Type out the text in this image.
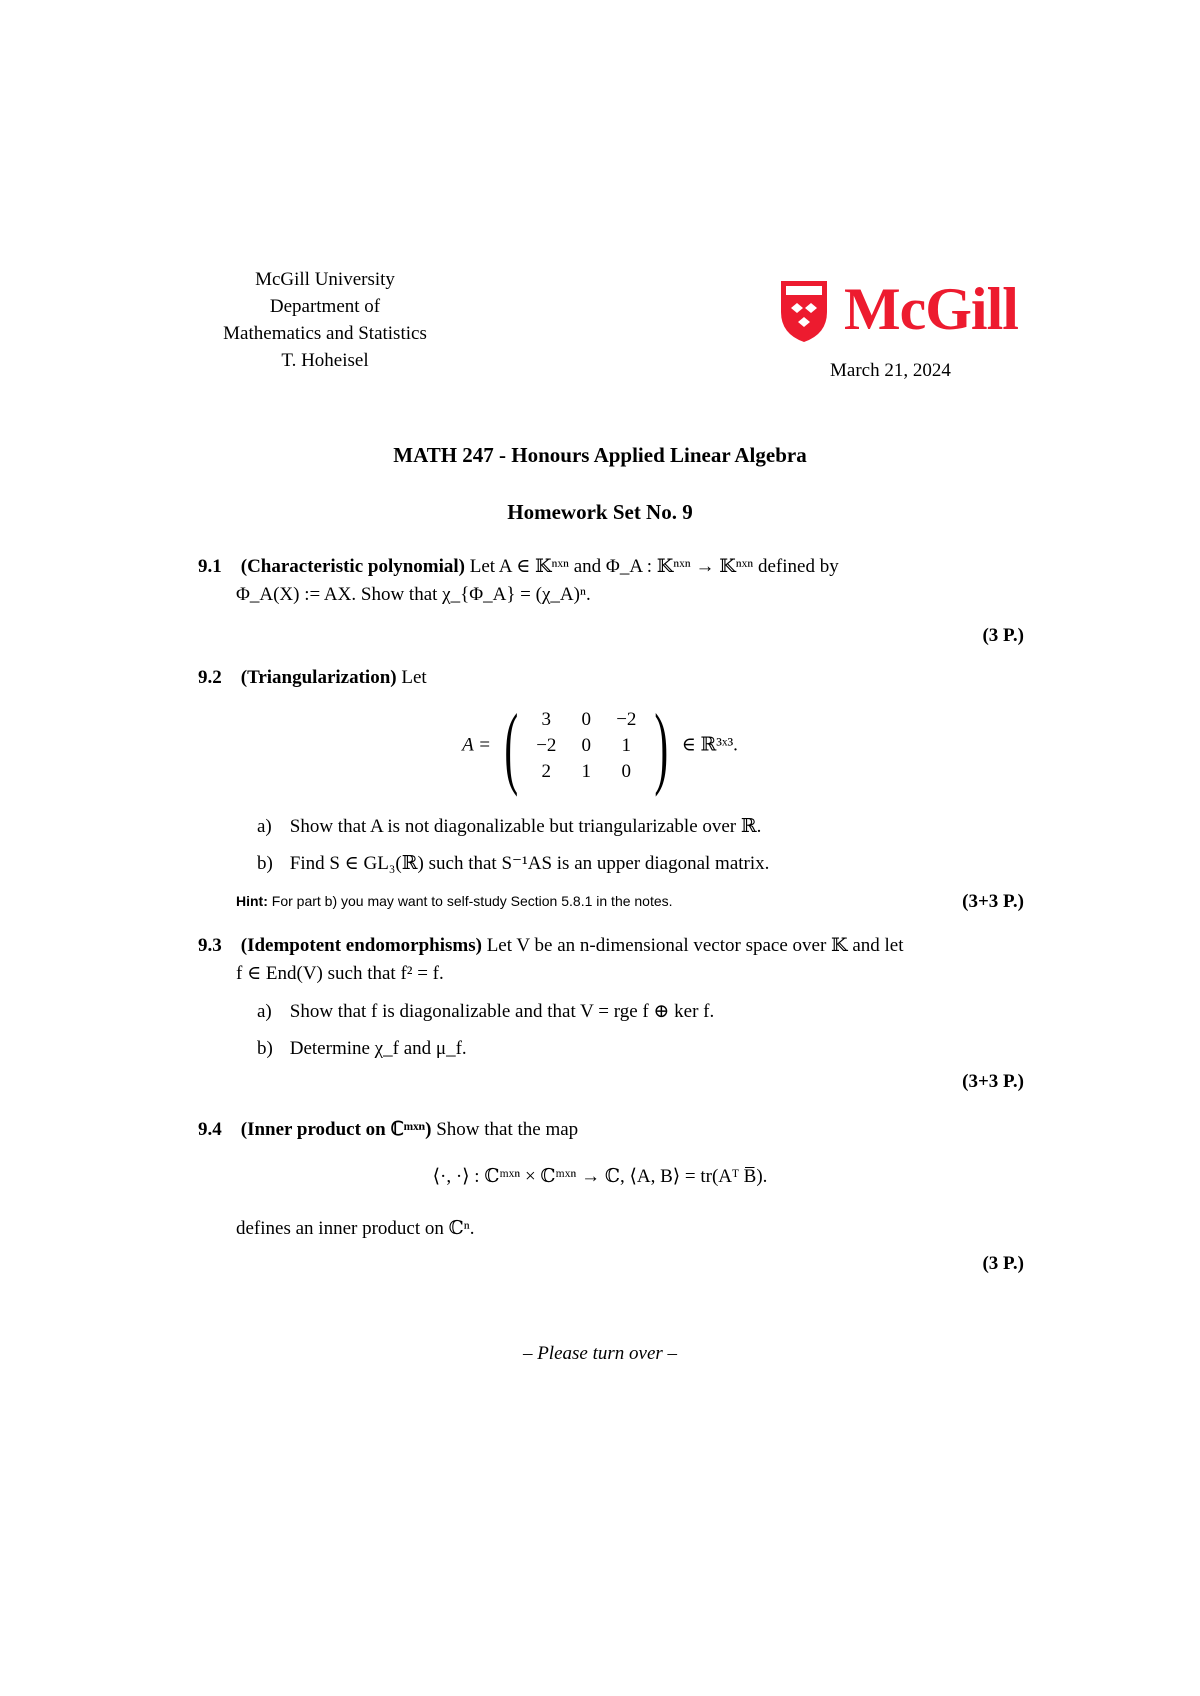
McGill University
Department of
Mathematics and Statistics
T. Hoheisel
McGill
March 21, 2024
MATH 247 - Honours Applied Linear Algebra
Homework Set No. 9
9.1 (Characteristic polynomial) Let A ∈ 𝕂ⁿˣⁿ and Φ_A : 𝕂ⁿˣⁿ → 𝕂ⁿˣⁿ defined by
Φ_A(X) := AX. Show that χ_{Φ_A} = (χ_A)ⁿ.
(3 P.)
9.2 (Triangularization) Let
A = (	3	0	−2
−2	0	1
2	1	0 ) ∈ ℝ³ˣ³.
a) Show that A is not diagonalizable but triangularizable over ℝ.
b) Find S ∈ GL₃(ℝ) such that S⁻¹AS is an upper diagonal matrix.
Hint: For part b) you may want to self-study Section 5.8.1 in the notes.	(3+3 P.)
9.3 (Idempotent endomorphisms) Let V be an n-dimensional vector space over 𝕂 and let
f ∈ End(V) such that f² = f.
a) Show that f is diagonalizable and that V = rge f ⊕ ker f.
b) Determine χ_f and μ_f.
(3+3 P.)
9.4 (Inner product on ℂᵐˣⁿ) Show that the map
⟨·, ·⟩ : ℂᵐˣⁿ × ℂᵐˣⁿ → ℂ, ⟨A, B⟩ = tr(Aᵀ B̅).
defines an inner product on ℂⁿ.
(3 P.)
– Please turn over –
